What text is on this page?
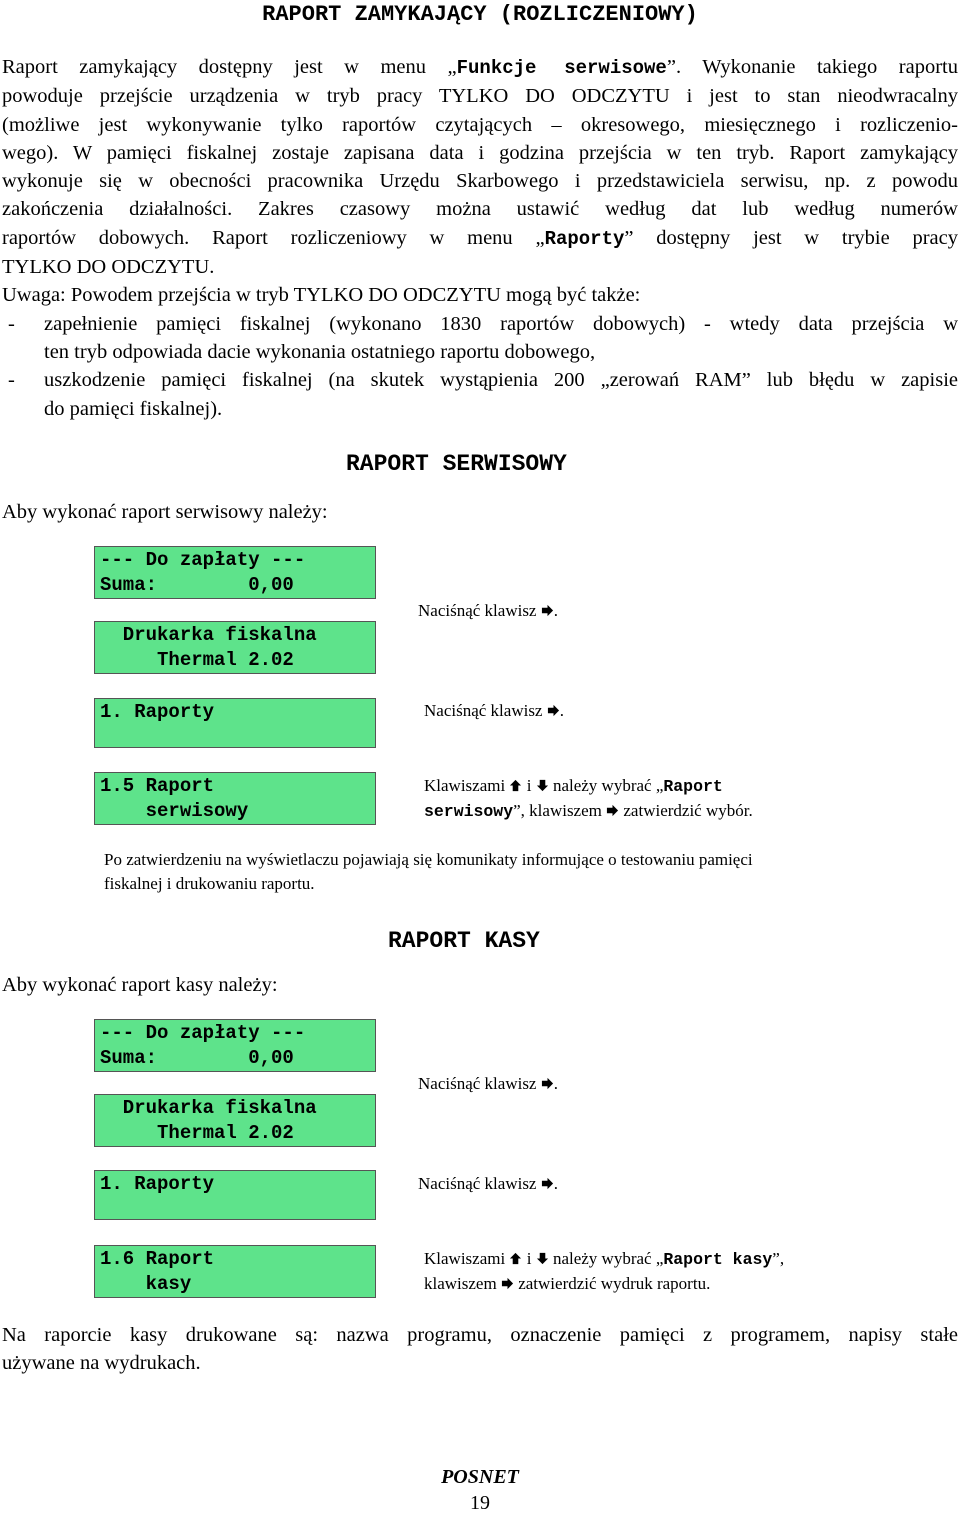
RAPORT ZAMYKAJĄCY (ROZLICZENIOWY)

Raport zamykający dostępny jest w menu „Funkcje serwisowe”. Wykonanie takiego raportu

powoduje przejście urządzenia w tryb pracy TYLKO DO ODCZYTU i jest to stan nieodwracalny

(możliwe jest wykonywanie tylko raportów czytających – okresowego, miesięcznego i rozliczenio-

wego). W pamięci fiskalnej zostaje zapisana data i godzina przejścia w ten tryb. Raport zamykający

wykonuje się w obecności pracownika Urzędu Skarbowego i przedstawiciela serwisu, np. z powodu

zakończenia działalności. Zakres czasowy można ustawić według dat lub według numerów

raportów dobowych. Raport rozliczeniowy w menu „Raporty” dostępny jest w trybie pracy

TYLKO DO ODCZYTU.

Uwaga: Powodem przejścia w tryb TYLKO DO ODCZYTU mogą być także:

-	zapełnienie pamięci fiskalnej (wykonano 1830 raportów dobowych) - wtedy data przejścia w
ten tryb odpowiada dacie wykonania ostatniego raportu dobowego,
-	uszkodzenie pamięci fiskalnej (na skutek wystąpienia 200 „zerowań RAM” lub błędu w zapisie
do pamięci fiskalnej).
RAPORT SERWISOWY
Aby wykonać raport serwisowy należy:
--- Do zapłaty ---
Suma:        0,00
Drukarka fiskalna
Thermal 2.02
1. Raporty
1.5 Raport
serwisowy
Naciśnąć klawisz .
Naciśnąć klawisz .
Klawiszami  i  należy wybrać „Raport
serwisowy”, klawiszem  zatwierdzić wybór.
Po zatwierdzeniu na wyświetlaczu pojawiają się komunikaty informujące o testowaniu pamięci
fiskalnej i drukowaniu raportu.
RAPORT KASY
Aby wykonać raport kasy należy:
--- Do zapłaty ---
Suma:        0,00
Drukarka fiskalna
Thermal 2.02
1. Raporty
1.6 Raport
kasy
Naciśnąć klawisz .
Naciśnąć klawisz .
Klawiszami  i  należy wybrać „Raport kasy”,
klawiszem  zatwierdzić wydruk raportu.

Na raporcie kasy drukowane są: nazwa programu, oznaczenie pamięci z programem, napisy stałe

używane na wydrukach.

POSNET
19
